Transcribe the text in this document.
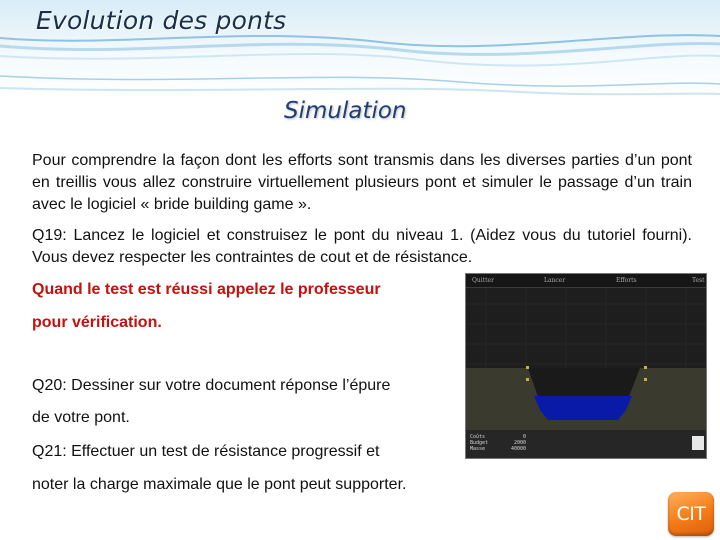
Evolution des ponts
Simulation

Pour comprendre la façon dont les efforts sont transmis dans les diverses parties d’un pont en treillis vous allez construire virtuellement plusieurs pont et simuler le passage d’un train avec le logiciel « bride building game ».

Q19: Lancez le logiciel et construisez le pont du niveau 1. (Aidez vous du tutoriel fourni). Vous devez respecter les contraintes de cout et de résistance.

Quand le test est réussi appelez le professeur

pour vérification.

Q20: Dessiner sur votre document réponse l’épure

de votre pont.

Q21: Effectuer un test de résistance progressif et

noter la charge maximale que le pont peut supporter.

Quitter	Lancer	Efforts	Test
Coûts	0
Budget	2000
Masse	40000
CIT
